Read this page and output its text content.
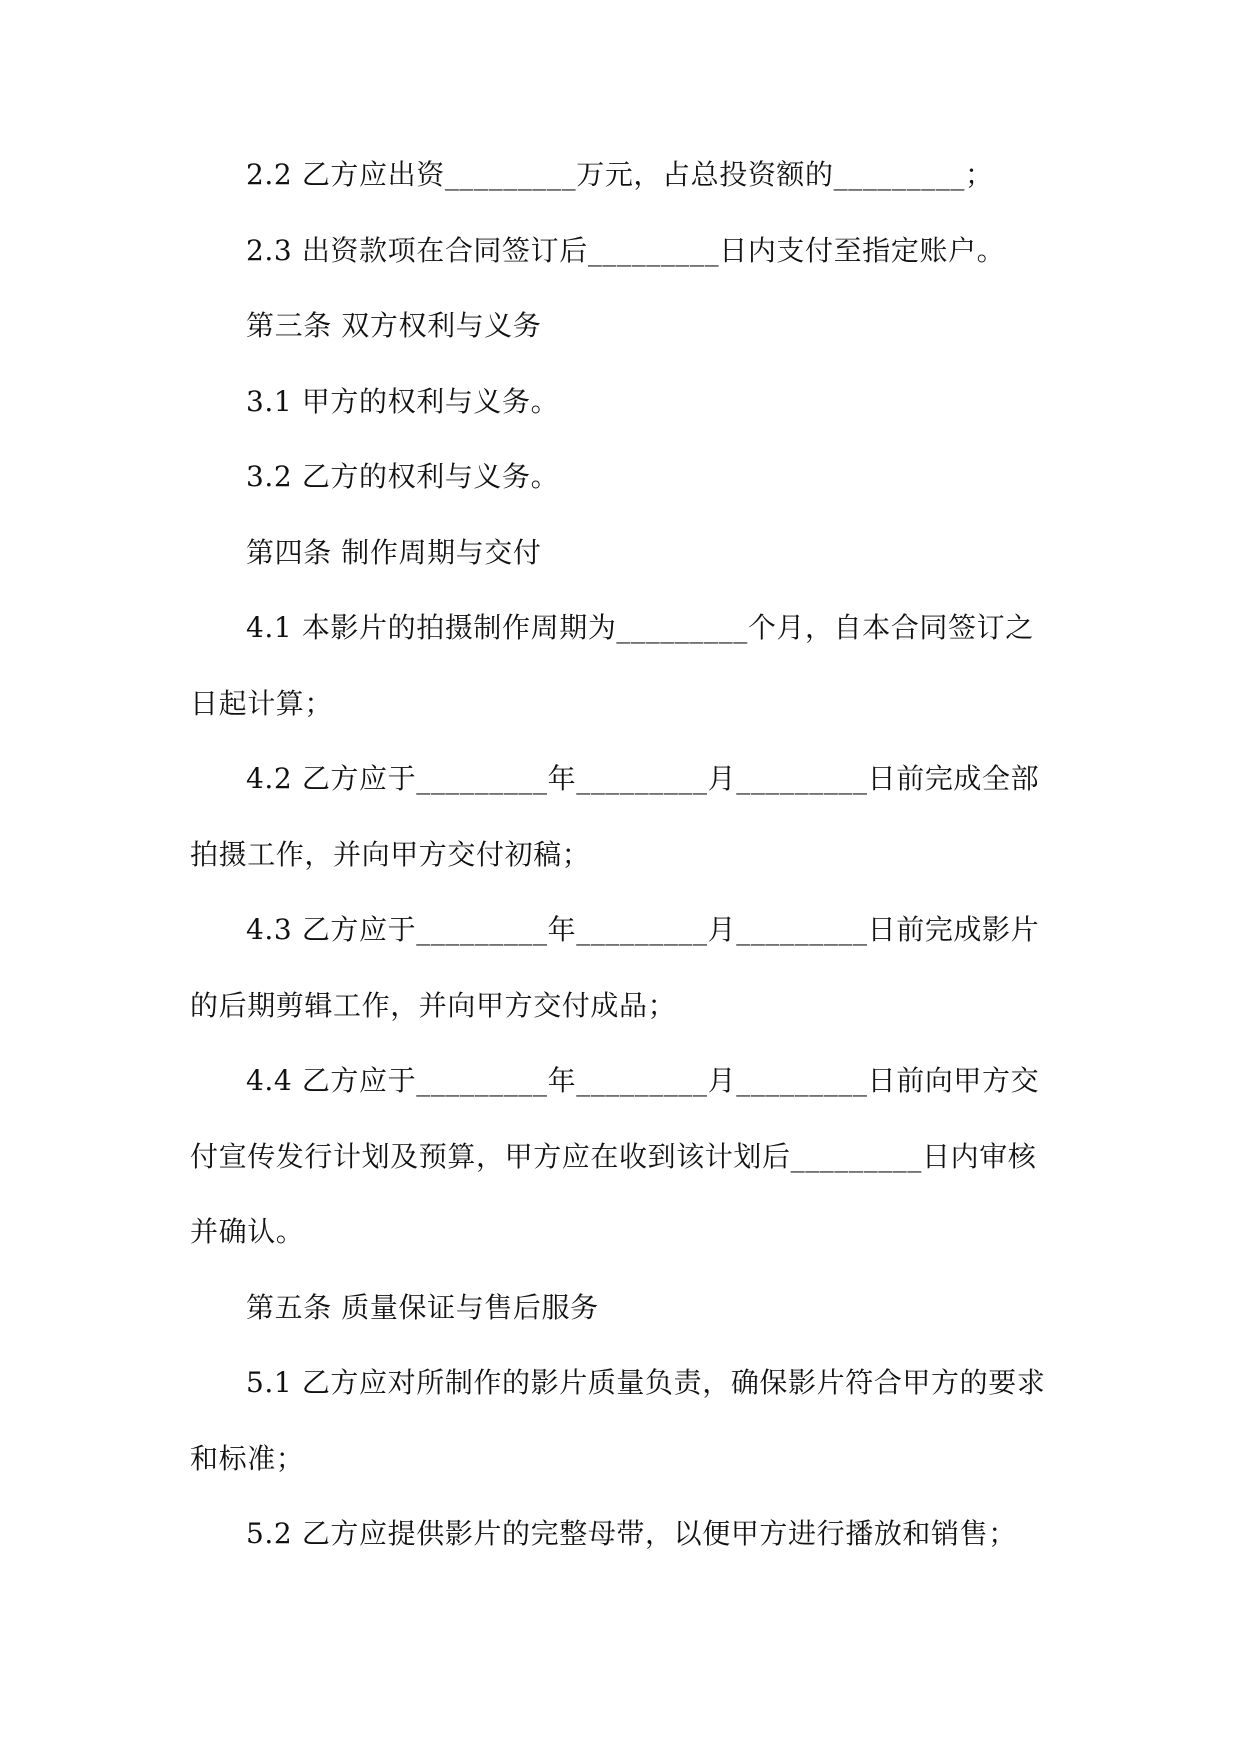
2.2 乙方应出资_________万元，占总投资额的_________；

2.3 出资款项在合同签订后_________日内支付至指定账户。

第三条 双方权利与义务

3.1 甲方的权利与义务。

3.2 乙方的权利与义务。

第四条 制作周期与交付

4.1 本影片的拍摄制作周期为_________个月，自本合同签订之日起计算；

4.2 乙方应于_________年_________月_________日前完成全部拍摄工作，并向甲方交付初稿；

4.3 乙方应于_________年_________月_________日前完成影片的后期剪辑工作，并向甲方交付成品；

4.4 乙方应于_________年_________月_________日前向甲方交付宣传发行计划及预算，甲方应在收到该计划后_________日内审核并确认。

第五条 质量保证与售后服务

5.1 乙方应对所制作的影片质量负责，确保影片符合甲方的要求和标准；

5.2 乙方应提供影片的完整母带，以便甲方进行播放和销售；
